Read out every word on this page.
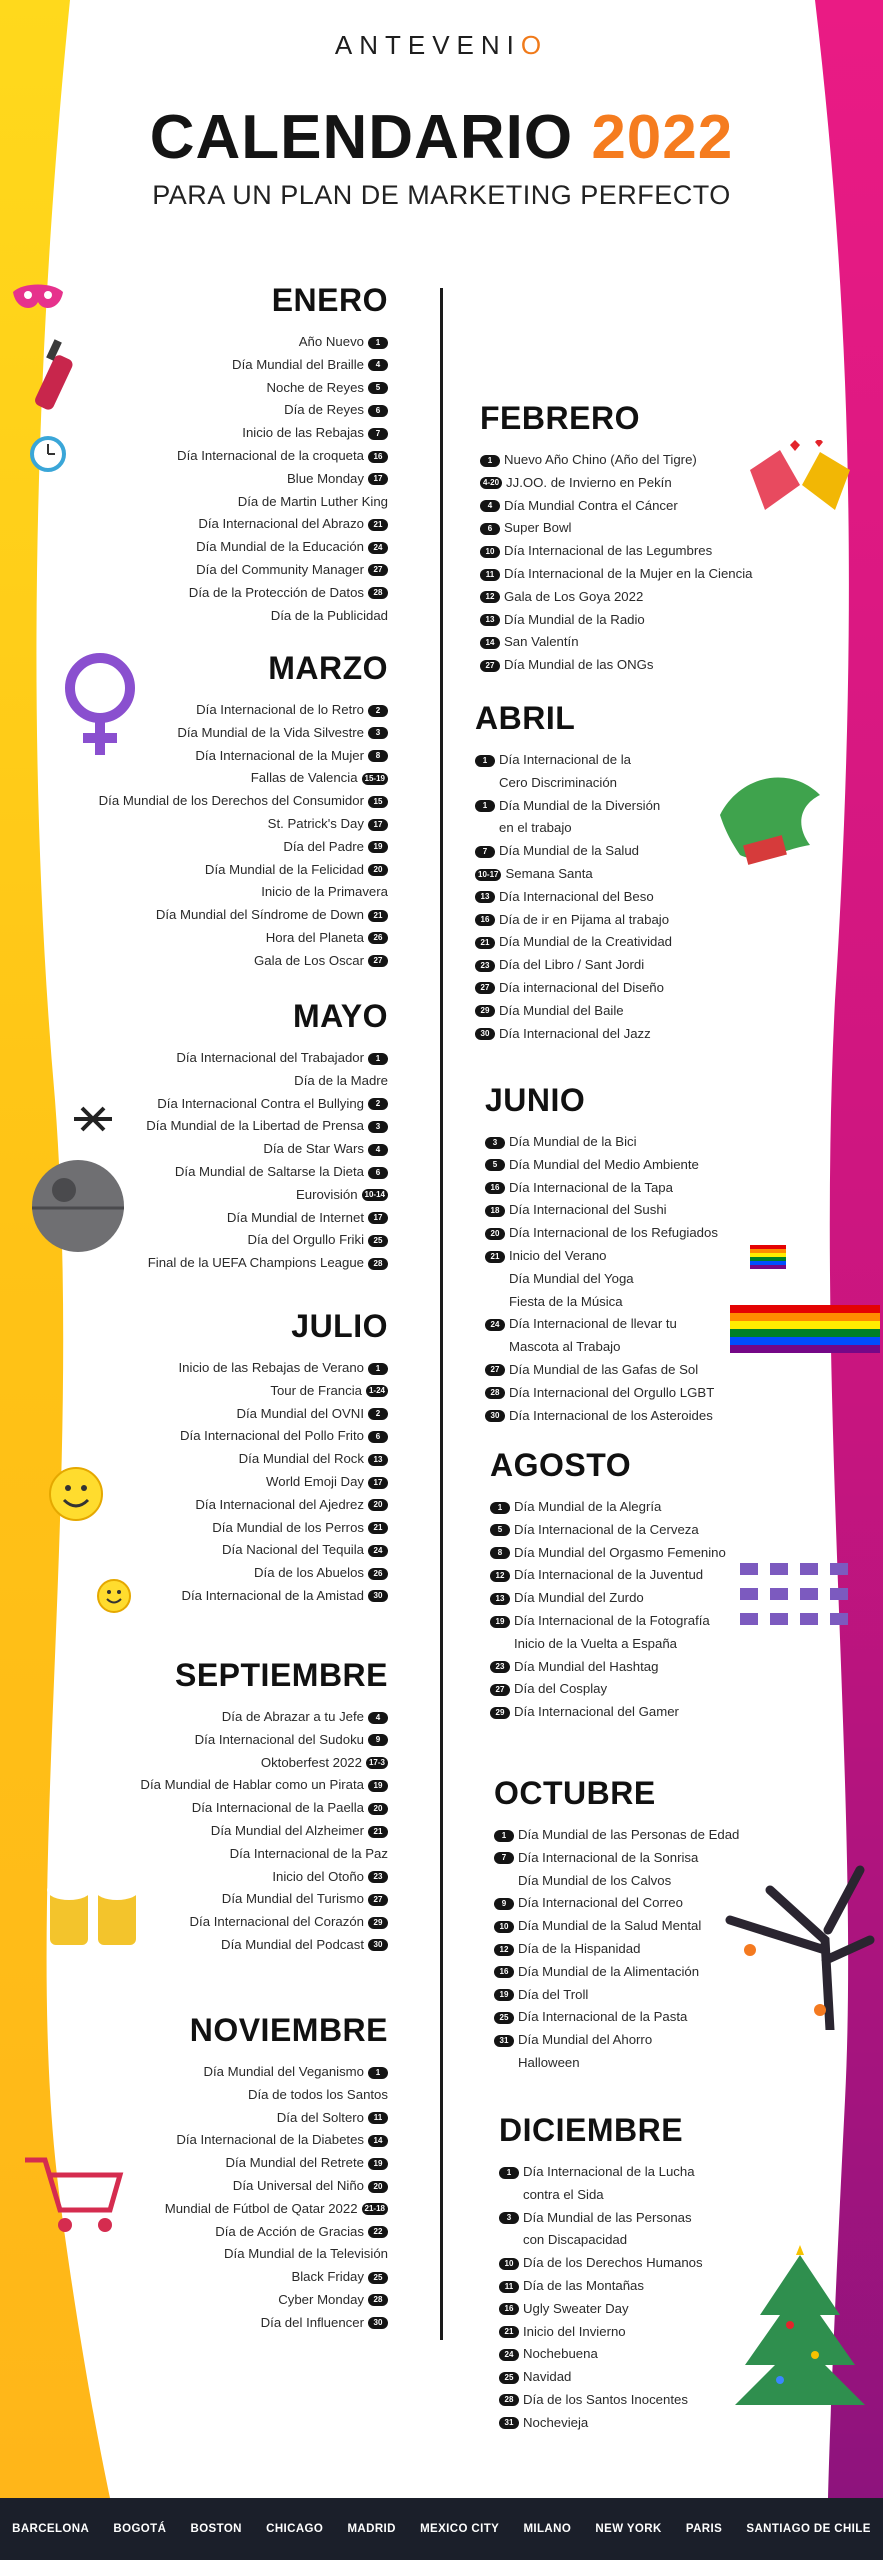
ANTEVENIO
CALENDARIO 2022
PARA UN PLAN DE MARKETING PERFECTO
ENERO
Año Nuevo 1
Día Mundial del Braille 4
Noche de Reyes 5
Día de Reyes 6
Inicio de las Rebajas 7
Día Internacional de la croqueta 16
Blue Monday 17
Día de Martin Luther King
Día Internacional del Abrazo 21
Día Mundial de la Educación 24
Día del Community Manager 27
Día de la Protección de Datos 28
Día de la Publicidad
FEBRERO
1 Nuevo Año Chino (Año del Tigre)
4-20 JJ.OO. de Invierno en Pekín
4 Día Mundial Contra el Cáncer
6 Super Bowl
10 Día Internacional de las Legumbres
11 Día Internacional de la Mujer en la Ciencia
12 Gala de Los Goya 2022
13 Día Mundial de la Radio
14 San Valentín
27 Día Mundial de las ONGs
MARZO
Día Internacional de lo Retro 2
Día Mundial de la Vida Silvestre 3
Día Internacional de la Mujer 8
Fallas de Valencia 15-19
Día Mundial de los Derechos del Consumidor 15
St. Patrick's Day 17
Día del Padre 19
Día Mundial de la Felicidad 20
Inicio de la Primavera
Día Mundial del Síndrome de Down 21
Hora del Planeta 26
Gala de Los Oscar 27
ABRIL
1 Día Internacional de la
Cero Discriminación
1 Día Mundial de la Diversión
en el trabajo
7 Día Mundial de la Salud
10-17 Semana Santa
13 Día Internacional del Beso
16 Día de ir en Pijama al trabajo
21 Día Mundial de la Creatividad
23 Día del Libro / Sant Jordi
27 Día internacional del Diseño
29 Día Mundial del Baile
30 Día Internacional del Jazz
MAYO
Día Internacional del Trabajador 1
Día de la Madre
Día Internacional Contra el Bullying 2
Día Mundial de la Libertad de Prensa 3
Día de Star Wars 4
Día Mundial de Saltarse la Dieta 6
Eurovisión 10-14
Día Mundial de Internet 17
Día del Orgullo Friki 25
Final de la UEFA Champions League 28
JUNIO
3 Día Mundial de la Bici
5 Día Mundial del Medio Ambiente
16 Día Internacional de la Tapa
18 Día Internacional del Sushi
20 Día Internacional de los Refugiados
21 Inicio del Verano
Día Mundial del Yoga
Fiesta de la Música
24 Día Internacional de llevar tu
Mascota al Trabajo
27 Día Mundial de las Gafas de Sol
28 Día Internacional del Orgullo LGBT
30 Día Internacional de los Asteroides
JULIO
Inicio de las Rebajas de Verano 1
Tour de Francia 1-24
Día Mundial del OVNI 2
Día Internacional del Pollo Frito 6
Día Mundial del Rock 13
World Emoji Day 17
Día Internacional del Ajedrez 20
Día Mundial de los Perros 21
Día Nacional del Tequila 24
Día de los Abuelos 26
Día Internacional de la Amistad 30
AGOSTO
1 Día Mundial de la Alegría
5 Día Internacional de la Cerveza
8 Día Mundial del Orgasmo Femenino
12 Día Internacional de la Juventud
13 Día Mundial del Zurdo
19 Día Internacional de la Fotografía
Inicio de la Vuelta a España
23 Día Mundial del Hashtag
27 Día del Cosplay
29 Día Internacional del Gamer
SEPTIEMBRE
Día de Abrazar a tu Jefe 4
Día Internacional del Sudoku 9
Oktoberfest 2022 17-3
Día Mundial de Hablar como un Pirata 19
Día Internacional de la Paella 20
Día Mundial del Alzheimer 21
Día Internacional de la Paz
Inicio del Otoño 23
Día Mundial del Turismo 27
Día Internacional del Corazón 29
Día Mundial del Podcast 30
OCTUBRE
1 Día Mundial de las Personas de Edad
7 Día Internacional de la Sonrisa
Día Mundial de los Calvos
9 Día Internacional del Correo
10 Día Mundial de la Salud Mental
12 Día de la Hispanidad
16 Día Mundial de la Alimentación
19 Día del Troll
25 Día Internacional de la Pasta
31 Día Mundial del Ahorro
Halloween
NOVIEMBRE
Día Mundial del Veganismo 1
Día de todos los Santos
Día del Soltero 11
Día Internacional de la Diabetes 14
Día Mundial del Retrete 19
Día Universal del Niño 20
Mundial de Fútbol de Qatar 2022 21-18
Día de Acción de Gracias 22
Día Mundial de la Televisión
Black Friday 25
Cyber Monday 28
Día del Influencer 30
DICIEMBRE
1 Día Internacional de la Lucha
contra el Sida
3 Día Mundial de las Personas
con Discapacidad
10 Día de los Derechos Humanos
11 Día de las Montañas
16 Ugly Sweater Day
21 Inicio del Invierno
24 Nochebuena
25 Navidad
28 Día de los Santos Inocentes
31 Nochevieja
BARCELONA BOGOTÁ BOSTON CHICAGO MADRID MEXICO CITY MILANO NEW YORK PARIS SANTIAGO DE CHILE
